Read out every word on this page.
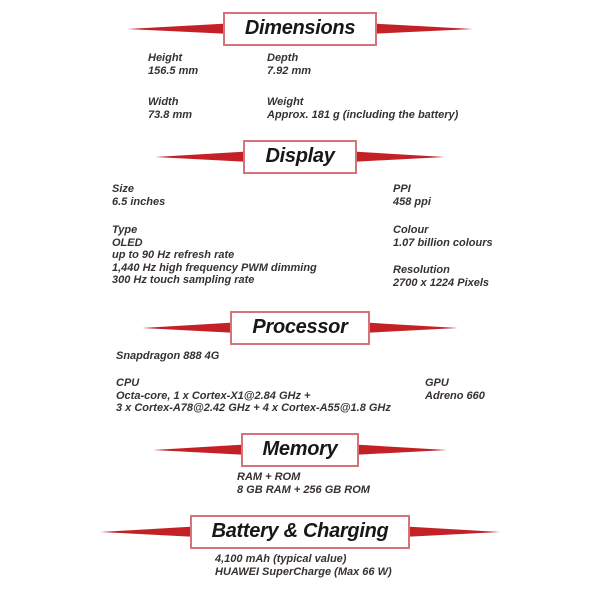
Dimensions
Height
156.5 mm
Depth
7.92 mm
Width
73.8 mm
Weight
Approx. 181 g (including the battery)
Display
Size
6.5 inches
PPI
458 ppi
Type
OLED
up to 90 Hz refresh rate
1,440 Hz high frequency PWM dimming
300 Hz touch sampling rate
Colour
1.07 billion colours
Resolution
2700 x 1224 Pixels
Processor
Snapdragon 888 4G
CPU
Octa-core, 1 x Cortex-X1@2.84 GHz +
3 x Cortex-A78@2.42 GHz + 4 x Cortex-A55@1.8 GHz
GPU
Adreno 660
Memory
RAM + ROM
8 GB RAM + 256 GB ROM
Battery & Charging
4,100 mAh (typical value)
HUAWEI SuperCharge (Max 66 W)
